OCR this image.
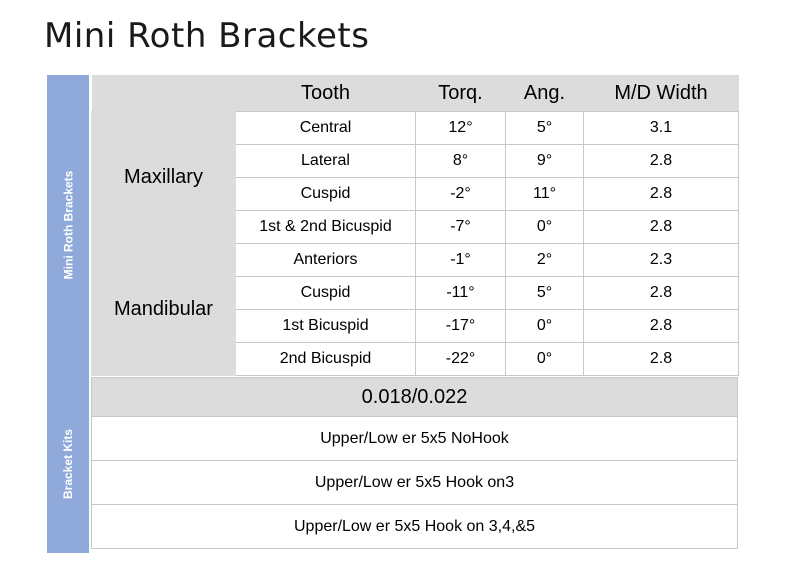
Mini Roth Brackets
Mini Roth Brackets
Bracket Kits
	Tooth	Torq.	Ang.	M/D Width
Maxillary	Central	12°	5°	3.1
	Lateral	8°	9°	2.8
	Cuspid	-2°	11°	2.8
	1st & 2nd Bicuspid	-7°	0°	2.8
Mandibular	Anteriors	-1°	2°	2.3
	Cuspid	-11°	5°	2.8
	1st Bicuspid	-17°	0°	2.8
	2nd Bicuspid	-22°	0°	2.8
0.018/0.022
Upper/Low er 5x5 NoHook
Upper/Low er 5x5 Hook on3
Upper/Low er 5x5 Hook on 3,4,&5
